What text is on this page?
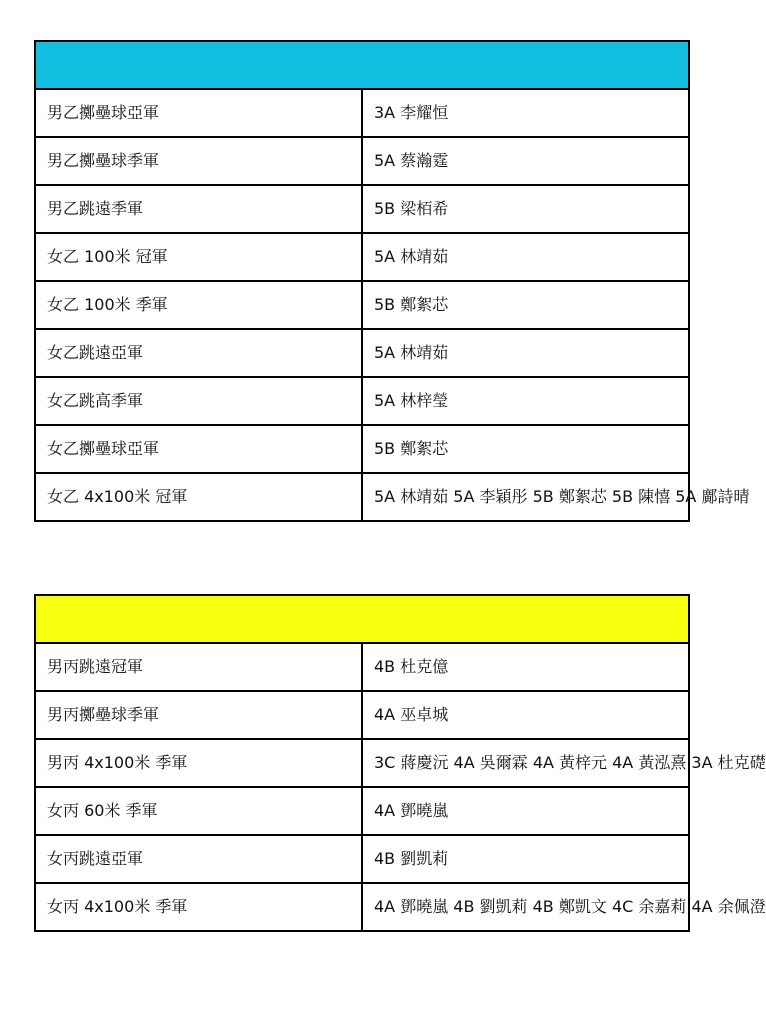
男乙擲壘球亞軍	3A 李耀恒
男乙擲壘球季軍	5A 蔡瀚霆
男乙跳遠季軍	5B 梁栢希
女乙 100米 冠軍	5A 林靖茹
女乙 100米 季軍	5B 鄭絮芯
女乙跳遠亞軍	5A 林靖茹
女乙跳高季軍	5A 林梓瑩
女乙擲壘球亞軍	5B 鄭絮芯
女乙 4x100米 冠軍	5A 林靖茹 5A 李穎彤 5B 鄭絮芯 5B 陳憘 5A 鄺詩晴

男丙跳遠冠軍	4B 杜克億
男丙擲壘球季軍	4A 巫卓城
男丙 4x100米 季軍	3C 蔣慶沅 4A 吳爾霖 4A 黃梓元 4A 黃泓熹 3A 杜克礎
女丙 60米 季軍	4A 鄧曉嵐
女丙跳遠亞軍	4B 劉凱莉
女丙 4x100米 季軍	4A 鄧曉嵐 4B 劉凱莉 4B 鄭凱文 4C 余嘉莉 4A 余佩澄
